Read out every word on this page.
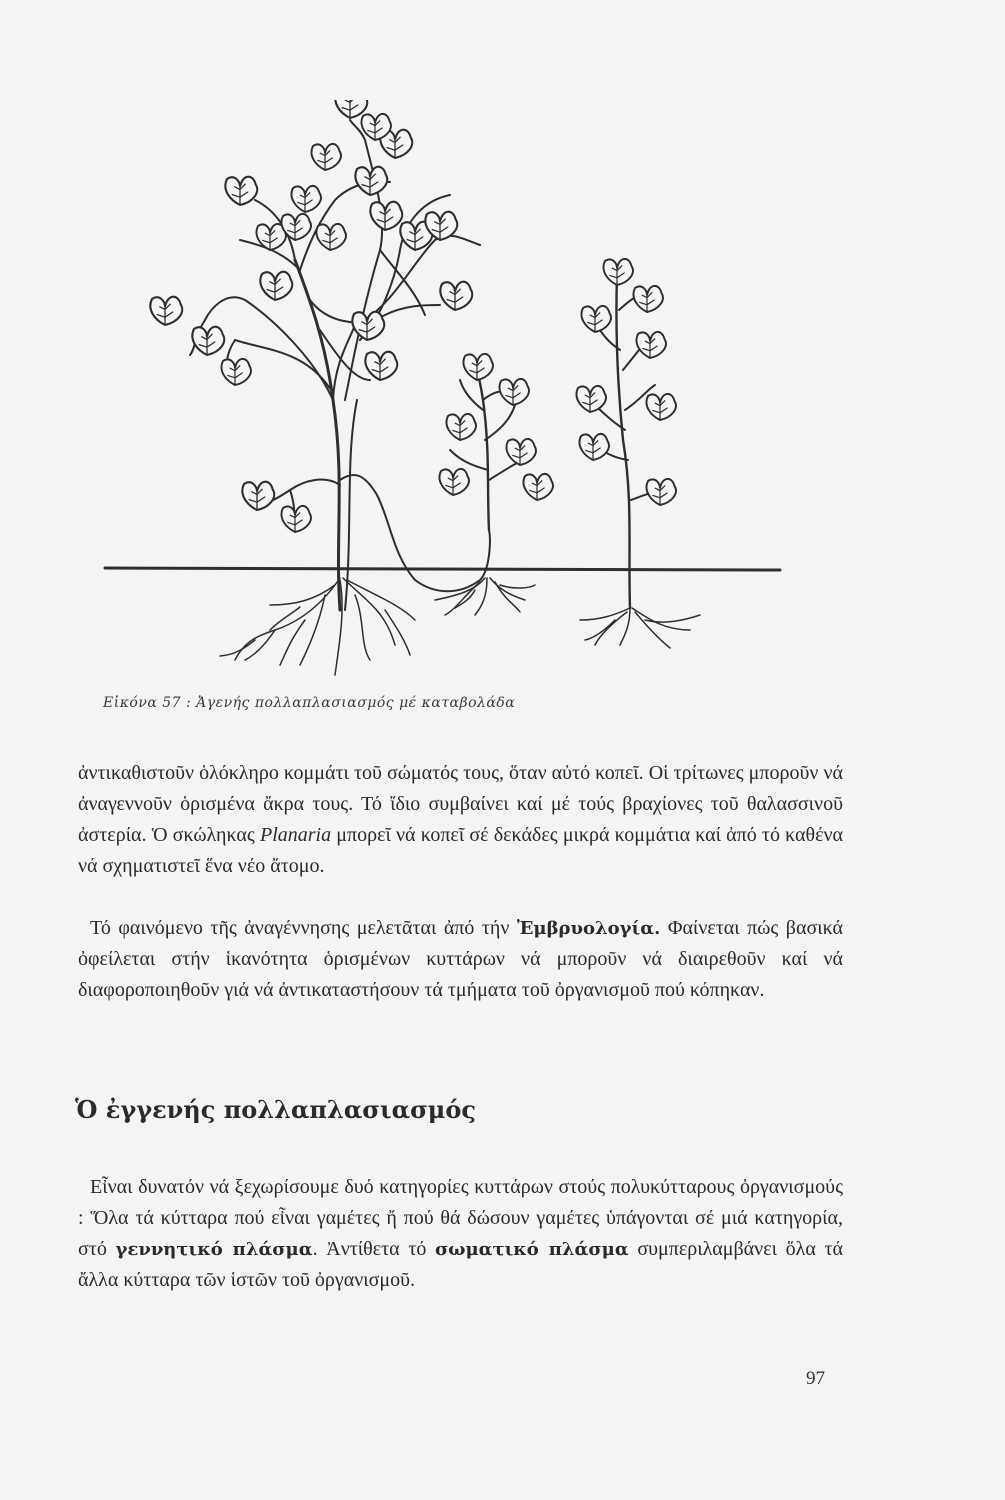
Εἰκόνα 57 : Ἀγενής πολλαπλασιασμός μέ καταβολάδα

ἀντικαθιστοῦν ὁλόκληρο κομμάτι τοῦ σώματός τους, ὅταν αὐτό κοπεῖ. Οἱ τρίτωνες μποροῦν νά ἀναγεννοῦν ὁρισμένα ἄκρα τους. Τό ἴδιο συμβαίνει καί μέ τούς βραχίονες τοῦ θαλασσινοῦ ἀστερία. Ὁ σκώληκας Planaria μπορεῖ νά κοπεῖ σέ δεκάδες μικρά κομμάτια καί ἀπό τό καθένα νά σχηματιστεῖ ἕνα νέο ἄτομο.

Τό φαινόμενο τῆς ἀναγέννησης μελετᾶται ἀπό τήν Ἐμβρυολογία. Φαίνεται πώς βασικά ὀφείλεται στήν ἱκανότητα ὁρισμένων κυττάρων νά μποροῦν νά διαιρεθοῦν καί νά διαφοροποιηθοῦν γιά νά ἀντικαταστήσουν τά τμήματα τοῦ ὀργανισμοῦ πού κόπηκαν.

Ὁ ἐγγενής πολλαπλασιασμός

Εἶναι δυνατόν νά ξεχωρίσουμε δυό κατηγορίες κυττάρων στούς πολυκύτταρους ὀργανισμούς : Ὅλα τά κύτταρα πού εἶναι γαμέτες ἤ πού θά δώσουν γαμέτες ὑπάγονται σέ μιά κατηγορία, στό γεννητικό πλάσμα. Ἀντίθετα τό σωματικό πλάσμα συμπεριλαμβάνει ὅλα τά ἄλλα κύτταρα τῶν ἱστῶν τοῦ ὀργανισμοῦ.

97
